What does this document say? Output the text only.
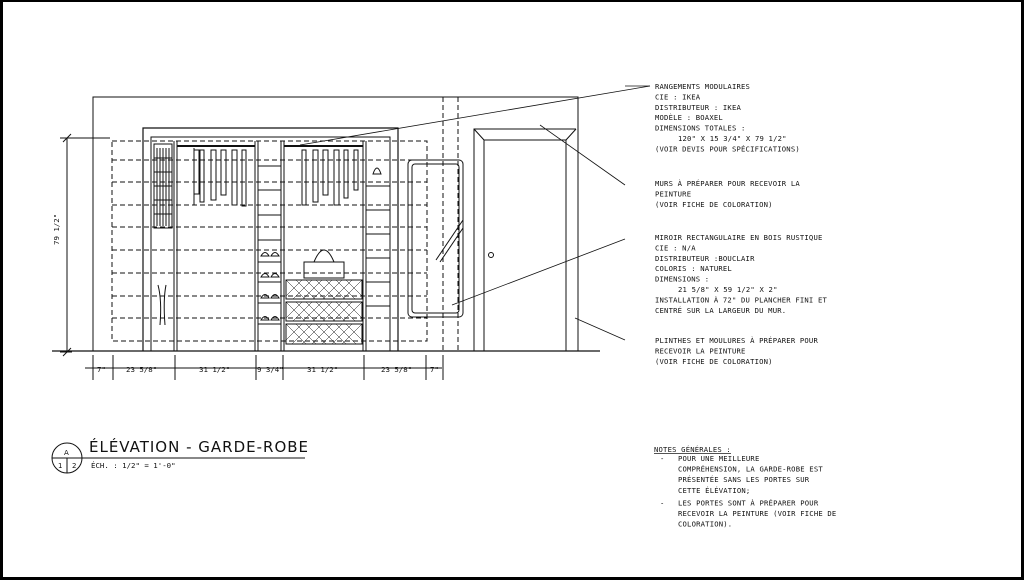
79 1/2"
7"	23 5/8"	31 1/2"	9 3/4"	31 1/2"	23 5/8" 7"
A
1 2
ÉLÉVATION - GARDE-ROBE
ÉCH. : 1/2" = 1'-0"
RANGEMENTS MODULAIRES
CIE : IKEA
DISTRIBUTEUR : IKEA
MODÈLE : BOAXEL
DIMENSIONS TOTALES :
120" X 15 3/4" X 79 1/2"
(VOIR DEVIS POUR SPÉCIFICATIONS)
MURS À PRÉPARER POUR RECEVOIR LA
PEINTURE
(VOIR FICHE DE COLORATION)
MIROIR RECTANGULAIRE EN BOIS RUSTIQUE
CIE : N/A
DISTRIBUTEUR :BOUCLAIR
COLORIS : NATUREL
DIMENSIONS :
21 5/8" X 59 1/2" X 2"
INSTALLATION À 72" DU PLANCHER FINI ET
CENTRÉ SUR LA LARGEUR DU MUR.
PLINTHES ET MOULURES À PRÉPARER POUR
RECEVOIR LA PEINTURE
(VOIR FICHE DE COLORATION)
NOTES GÉNÉRALES :
- POUR UNE MEILLEURE
COMPRÉHENSION, LA GARDE-ROBE EST
PRÉSENTÉE SANS LES PORTES SUR
CETTE ÉLÉVATION;
- LES PORTES SONT À PRÉPARER POUR
RECEVOIR LA PEINTURE (VOIR FICHE DE
COLORATION).
